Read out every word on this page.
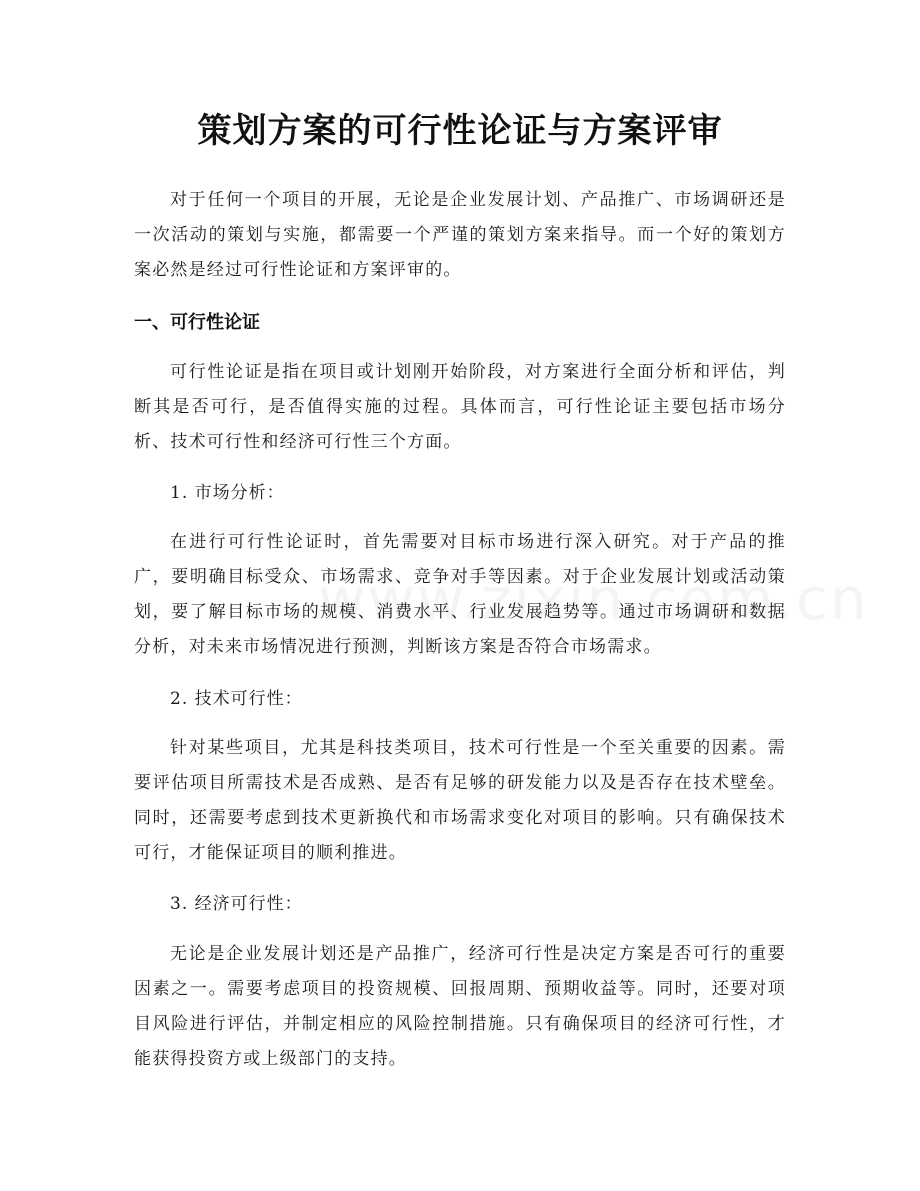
策划方案的可行性论证与方案评审

对于任何一个项目的开展，无论是企业发展计划、产品推广、市场调研还是一次活动的策划与实施，都需要一个严谨的策划方案来指导。而一个好的策划方案必然是经过可行性论证和方案评审的。

一、可行性论证

可行性论证是指在项目或计划刚开始阶段，对方案进行全面分析和评估，判断其是否可行，是否值得实施的过程。具体而言，可行性论证主要包括市场分析、技术可行性和经济可行性三个方面。

1. 市场分析：

在进行可行性论证时，首先需要对目标市场进行深入研究。对于产品的推广，要明确目标受众、市场需求、竞争对手等因素。对于企业发展计划或活动策划，要了解目标市场的规模、消费水平、行业发展趋势等。通过市场调研和数据分析，对未来市场情况进行预测，判断该方案是否符合市场需求。

2. 技术可行性：

针对某些项目，尤其是科技类项目，技术可行性是一个至关重要的因素。需要评估项目所需技术是否成熟、是否有足够的研发能力以及是否存在技术壁垒。同时，还需要考虑到技术更新换代和市场需求变化对项目的影响。只有确保技术可行，才能保证项目的顺利推进。

3. 经济可行性：

无论是企业发展计划还是产品推广，经济可行性是决定方案是否可行的重要因素之一。需要考虑项目的投资规模、回报周期、预期收益等。同时，还要对项目风险进行评估，并制定相应的风险控制措施。只有确保项目的经济可行性，才能获得投资方或上级部门的支持。
